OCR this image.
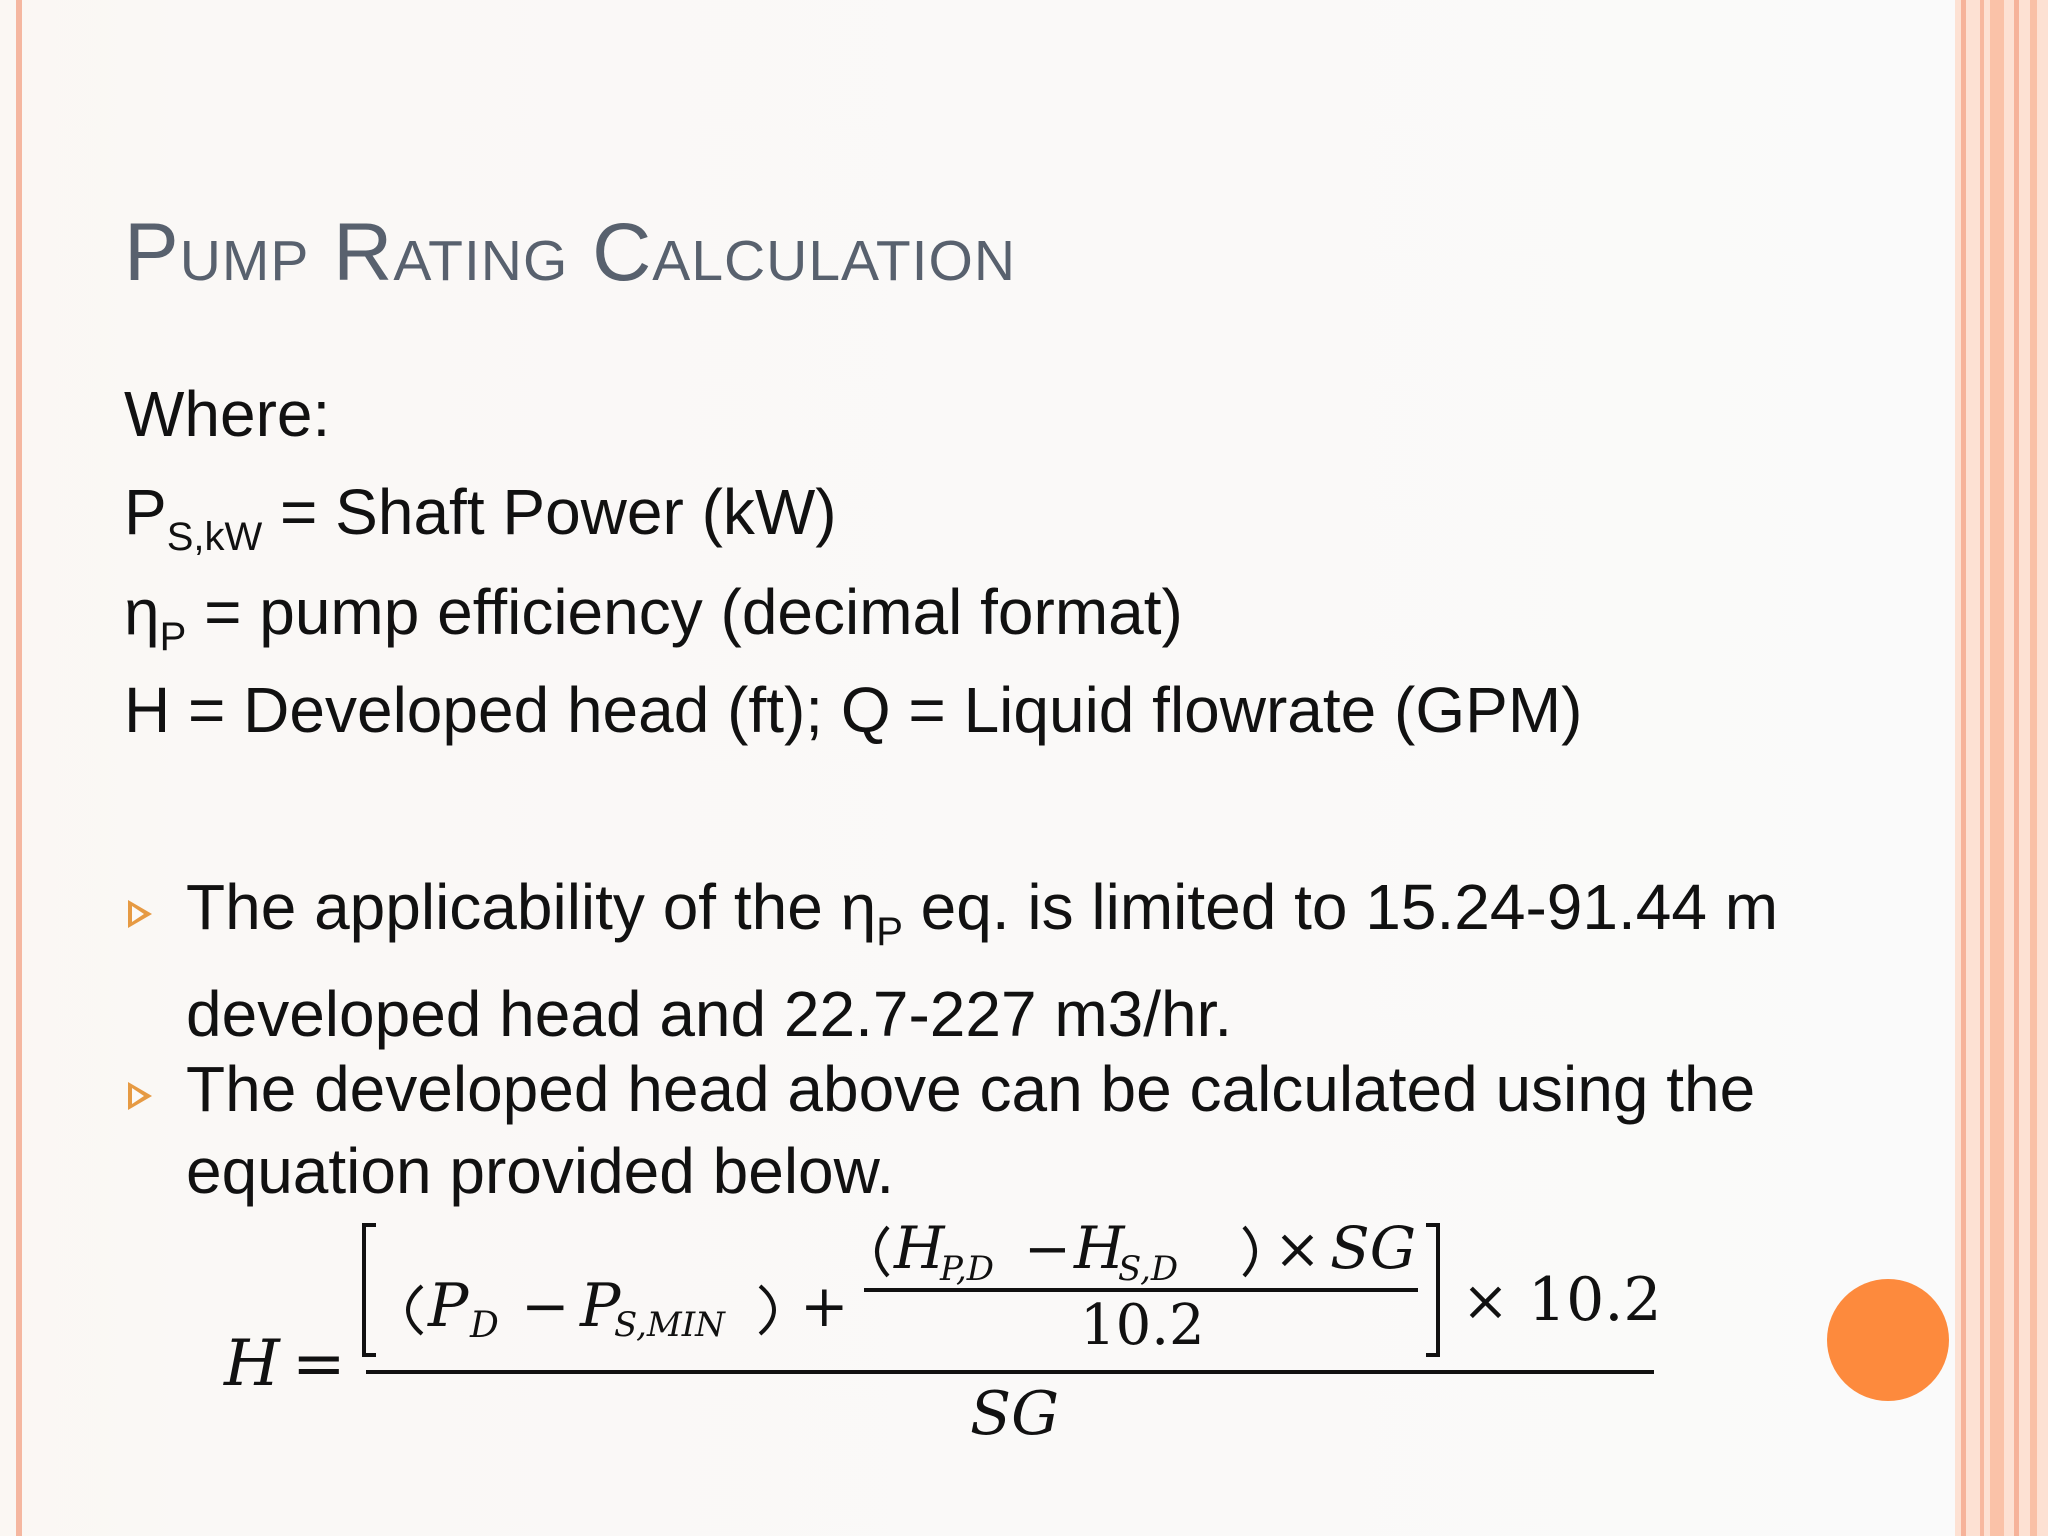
Pump Rating Calculation
Where:
$P_{S,kW}$ = Shaft Power (kW)
$\eta_P$ = pump efficiency (decimal format)
H = Developed head (ft); Q = Liquid flowrate (GPM)
The applicability of the $\eta_P$ eq. is limited to 15.24-91.44 m developed head and 22.7-227 m3/hr.
The developed head above can be calculated using the equation provided below.
H =
P D − P
S,MIN +
H
P,D − H
S,D × SG
10.2	× 10.2
SG
